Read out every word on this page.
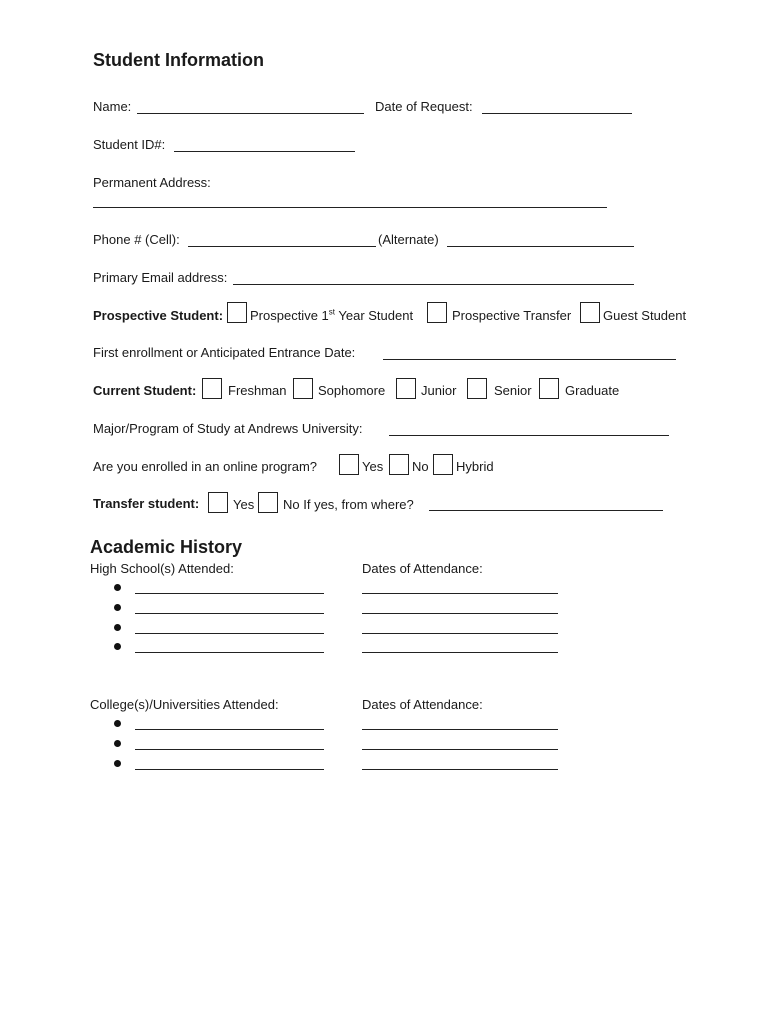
Student Information
Name:	Date of Request:
Student ID#:
Permanent Address:
Phone # (Cell):	(Alternate)
Primary Email address:
Prospective Student: Prospective 1st Year Student	Prospective Transfer Guest Student
First enrollment or Anticipated Entrance Date:
Current Student: Freshman Sophomore	Junior	Senior	Graduate
Major/Program of Study at Andrews University:
Are you enrolled in an online program?	Yes No Hybrid
Transfer student:	Yes No If yes, from where?
Academic History
High School(s) Attended:	Dates of Attendance:
College(s)/Universities Attended:	Dates of Attendance:
